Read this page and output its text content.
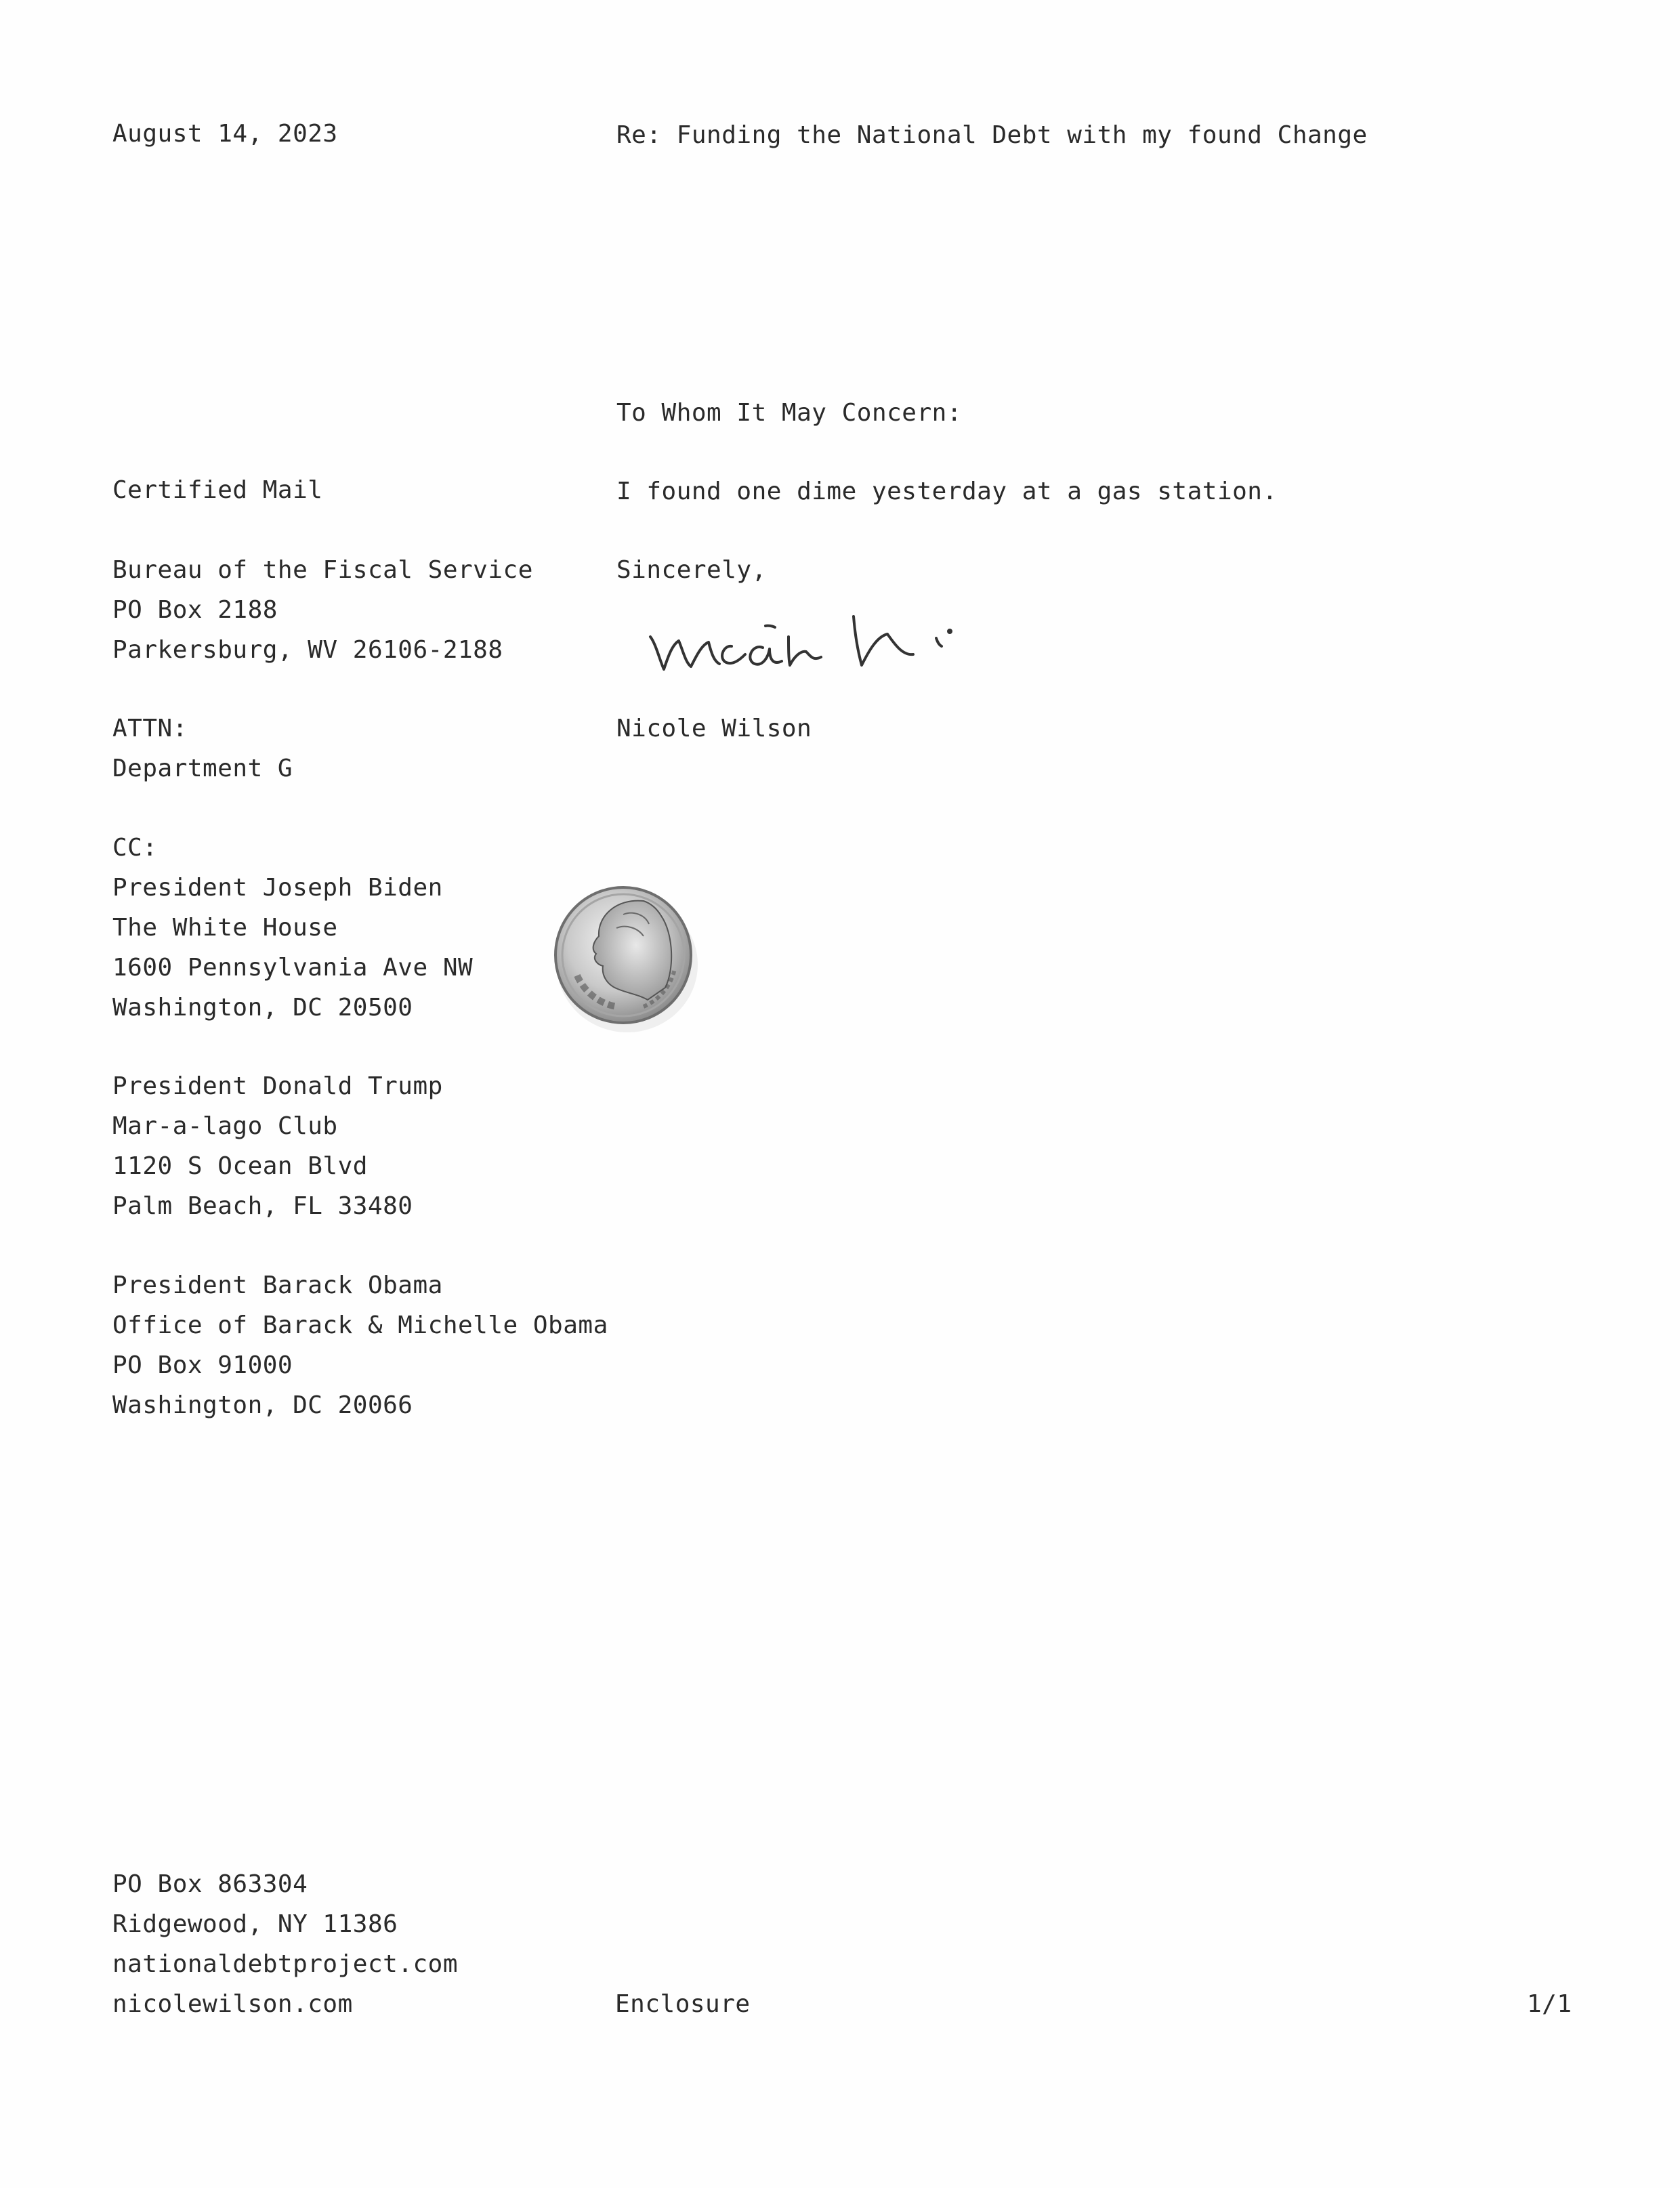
August 14, 2023	Re: Funding the National Debt with my found Change

To Whom It May Concern:

I found one dime yesterday at a gas station.

Sincerely,

Nicole Wilson

Certified Mail

Bureau of the Fiscal Service
PO Box 2188
Parkersburg, WV 26106-2188
ATTN:
Department G
CC:
President Joseph Biden
The White House
1600 Pennsylvania Ave NW
Washington, DC 20500
President Donald Trump
Mar-a-lago Club
1120 S Ocean Blvd
Palm Beach, FL 33480
President Barack Obama
Office of Barack & Michelle Obama
PO Box 91000
Washington, DC 20066
PO Box 863304
Ridgewood, NY 11386
nationaldebtproject.com
nicolewilson.com	Enclosure	1/1
